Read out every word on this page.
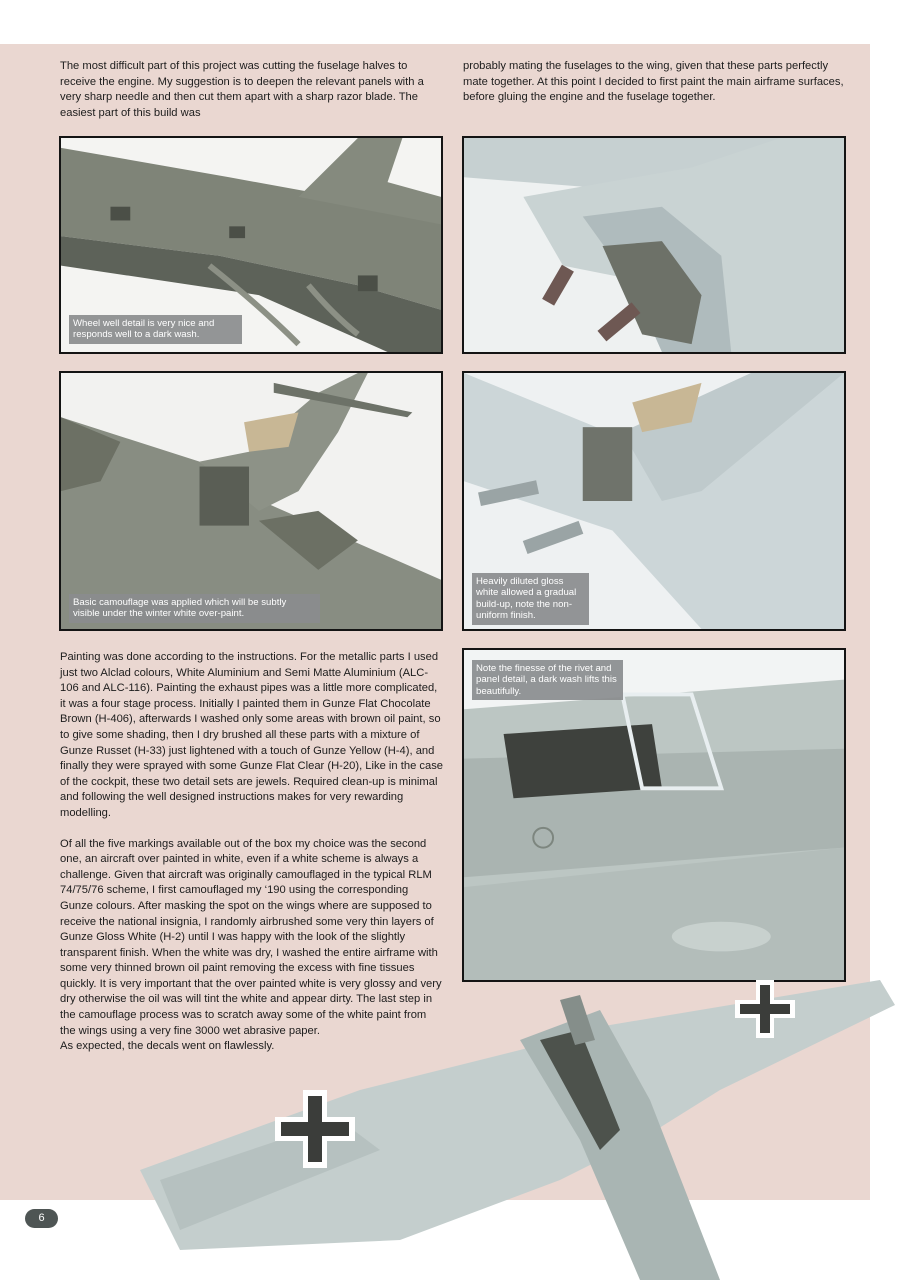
The most difficult part of this project was cutting the fuselage halves to receive the engine. My suggestion is to deepen the relevant panels with a very sharp needle and then cut them apart with a sharp razor blade. The easiest part of this build was

probably mating the fuselages to the wing, given that these parts perfectly mate together. At this point I decided to first paint the main airframe surfaces, before gluing the engine and the fuselage together.

Wheel well detail is very nice and responds well to a dark wash.
Basic camouflage was applied which will be subtly visible under the winter white over-paint.
Heavily diluted gloss white allowed a gradual build-up, note the non-uniform finish.

Painting was done according to the instructions. For the metallic parts I used just two Alclad colours, White Aluminium and Semi Matte Aluminium (ALC-106 and ALC-116). Painting the exhaust pipes was a little more complicated, it was a four stage process. Initially I painted them in Gunze Flat Chocolate Brown (H-406), afterwards I washed only some areas with brown oil paint, so to give some shading, then I dry brushed all these parts with a mixture of Gunze Russet (H-33) just lightened with a touch of Gunze Yellow (H-4), and finally they were sprayed with some Gunze Flat Clear (H-20), Like in the case of the cockpit, these two detail sets are jewels. Required clean-up is minimal and following the well designed instructions makes for very rewarding modelling.

Of all the five markings available out of the box my choice was the second one, an aircraft over painted in white, even if a white scheme is always a challenge. Given that aircraft was originally camouflaged in the typical RLM 74/75/76 scheme, I first camouflaged my ‘190 using the corresponding Gunze colours. After masking the spot on the wings where are supposed to receive the national insignia, I randomly airbrushed some very thin layers of Gunze Gloss White (H-2) until I was happy with the look of the slightly transparent finish. When the white was dry, I washed the entire airframe with some very thinned brown oil paint removing the excess with fine tissues quickly. It is very important that the over painted white is very glossy and very dry otherwise the oil was will tint the white and appear dirty. The last step in the camouflage process was to scratch away some of the white paint from the wings using a very fine 3000 wet abrasive paper.
As expected, the decals went on flawlessly.

Note the finesse of the rivet and panel detail, a dark wash lifts this beautifully.
6
